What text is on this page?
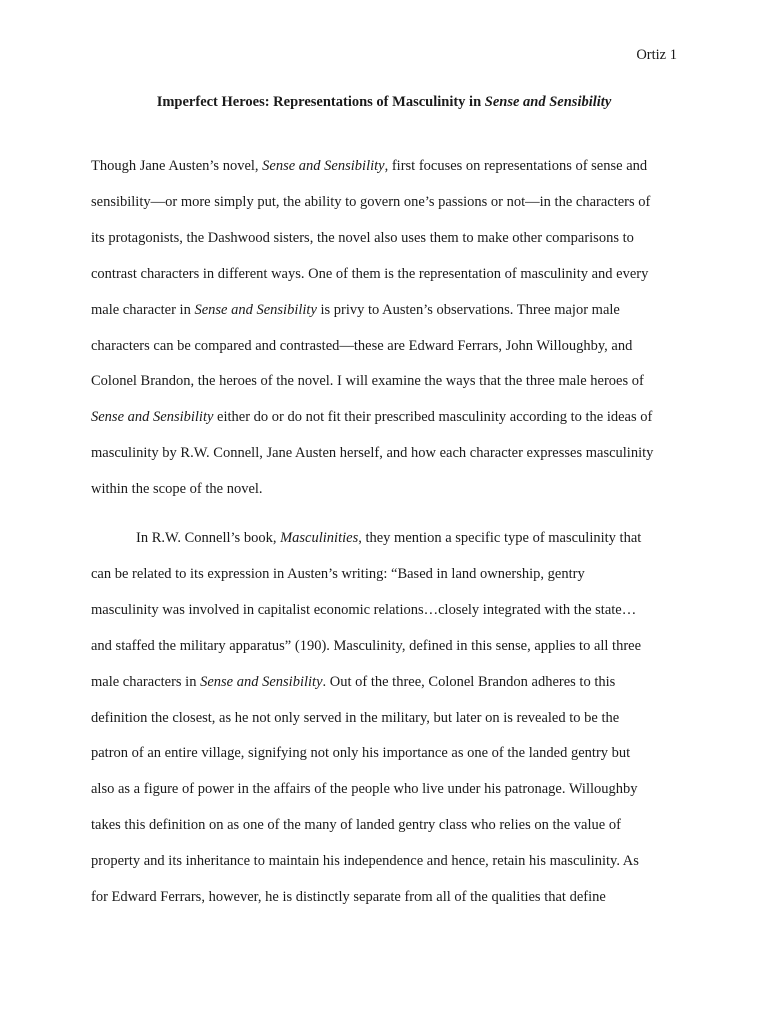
Ortiz 1
Imperfect Heroes: Representations of Masculinity in Sense and Sensibility
Though Jane Austen’s novel, Sense and Sensibility, first focuses on representations of sense and
sensibility—or more simply put, the ability to govern one’s passions or not—in the characters of
its protagonists, the Dashwood sisters, the novel also uses them to make other comparisons to
contrast characters in different ways. One of them is the representation of masculinity and every
male character in Sense and Sensibility is privy to Austen’s observations. Three major male
characters can be compared and contrasted—these are Edward Ferrars, John Willoughby, and
Colonel Brandon, the heroes of the novel. I will examine the ways that the three male heroes of
Sense and Sensibility either do or do not fit their prescribed masculinity according to the ideas of
masculinity by R.W. Connell, Jane Austen herself, and how each character expresses masculinity
within the scope of the novel.
In R.W. Connell’s book, Masculinities, they mention a specific type of masculinity that
can be related to its expression in Austen’s writing: “Based in land ownership, gentry
masculinity was involved in capitalist economic relations…closely integrated with the state…
and staffed the military apparatus” (190). Masculinity, defined in this sense, applies to all three
male characters in Sense and Sensibility. Out of the three, Colonel Brandon adheres to this
definition the closest, as he not only served in the military, but later on is revealed to be the
patron of an entire village, signifying not only his importance as one of the landed gentry but
also as a figure of power in the affairs of the people who live under his patronage. Willoughby
takes this definition on as one of the many of landed gentry class who relies on the value of
property and its inheritance to maintain his independence and hence, retain his masculinity. As
for Edward Ferrars, however, he is distinctly separate from all of the qualities that define
